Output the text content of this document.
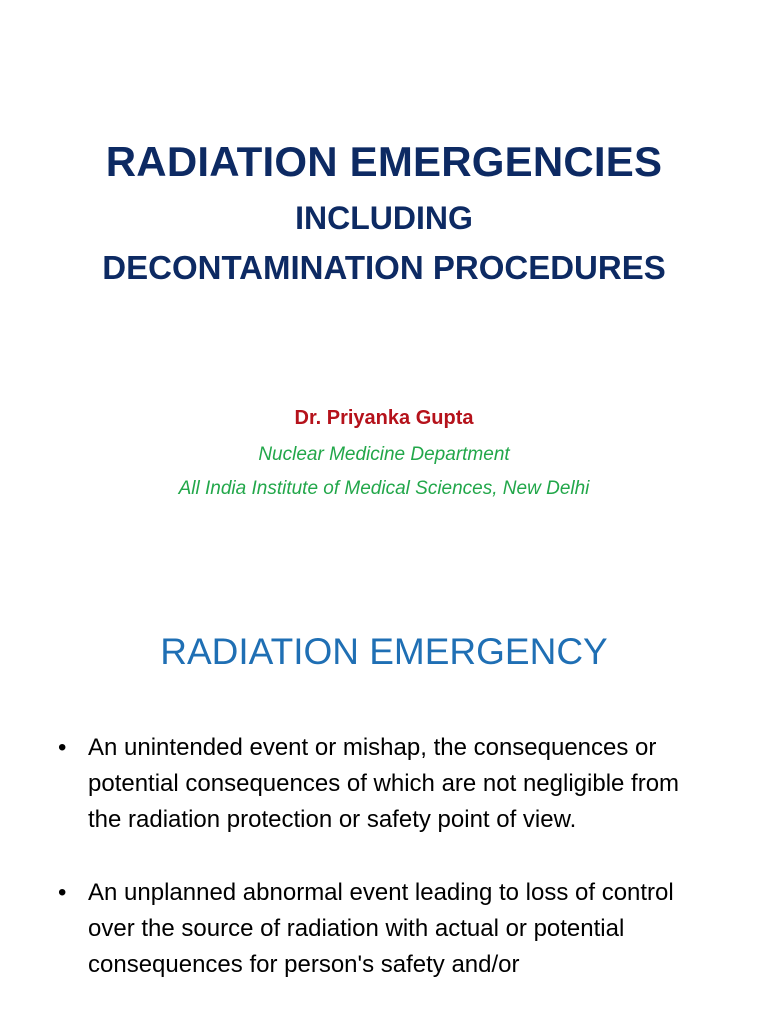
RADIATION EMERGENCIES
INCLUDING
DECONTAMINATION PROCEDURES
Dr. Priyanka Gupta
Nuclear Medicine Department
All India Institute of Medical Sciences, New Delhi
RADIATION EMERGENCY
• An unintended event or mishap, the consequences or potential consequences of which are not negligible from the radiation protection or safety point of view.
• An unplanned abnormal event leading to loss of control over the source of radiation with actual or potential consequences for person's safety and/or
